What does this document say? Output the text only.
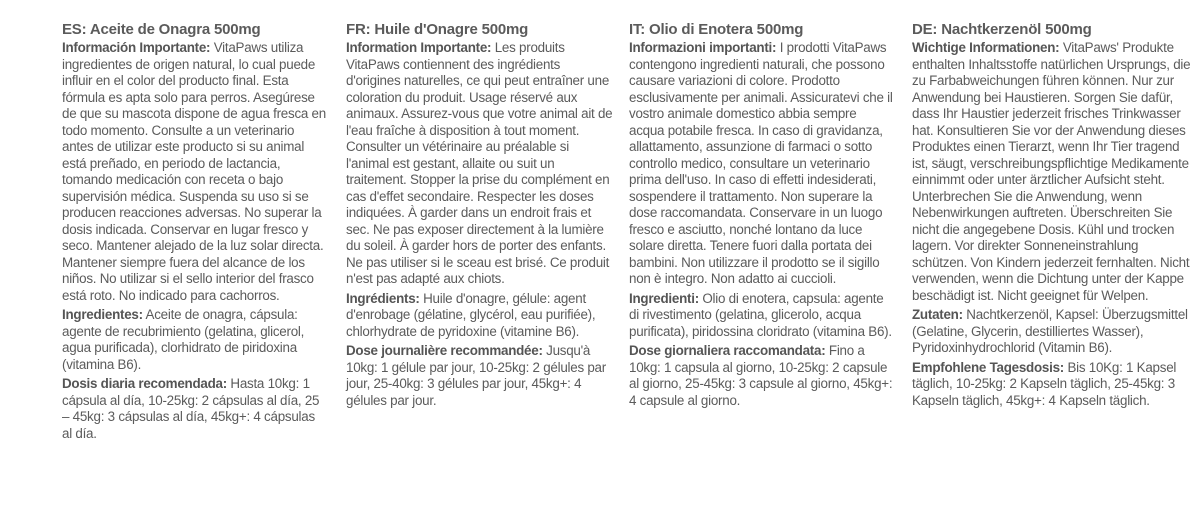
ES: Aceite de Onagra 500mg

Información Importante: VitaPaws utiliza ingredientes de origen natural, lo cual puede influir en el color del producto final. Esta fórmula es apta solo para perros. Asegúrese de que su mascota dispone de agua fresca en todo momento. Consulte a un veterinario antes de utilizar este producto si su animal está preñado, en periodo de lactancia, tomando medicación con receta o bajo supervisión médica. Suspenda su uso si se producen reacciones adversas. No superar la dosis indicada. Conservar en lugar fresco y seco. Mantener alejado de la luz solar directa. Mantener siempre fuera del alcance de los niños. No utilizar si el sello interior del frasco está roto. No indicado para cachorros.

Ingredientes: Aceite de onagra, cápsula: agente de recubrimiento (gelatina, glicerol, agua purificada), clorhidrato de piridoxina (vitamina B6).

Dosis diaria recomendada: Hasta 10kg: 1 cápsula al día, 10-25kg: 2 cápsulas al día, 25 – 45kg: 3 cápsulas al día, 45kg+: 4 cápsulas al día.

FR: Huile d'Onagre 500mg

Information Importante: Les produits VitaPaws contiennent des ingrédients d'origines naturelles, ce qui peut entraîner une coloration du produit. Usage réservé aux animaux. Assurez-vous que votre animal ait de l'eau fraîche à disposition à tout moment. Consulter un vétérinaire au préalable si l'animal est gestant, allaite ou suit un traitement. Stopper la prise du complément en cas d'effet secondaire. Respecter les doses indiquées. À garder dans un endroit frais et sec. Ne pas exposer directement à la lumière du soleil. À garder hors de porter des enfants. Ne pas utiliser si le sceau est brisé. Ce produit n'est pas adapté aux chiots.

Ingrédients: Huile d'onagre, gélule: agent d'enrobage (gélatine, glycérol, eau purifiée), chlorhydrate de pyridoxine (vitamine B6).

Dose journalière recommandée: Jusqu'à 10kg: 1 gélule par jour, 10-25kg: 2 gélules par jour, 25-40kg: 3 gélules par jour, 45kg+: 4 gélules par jour.

IT: Olio di Enotera 500mg

Informazioni importanti: I prodotti VitaPaws contengono ingredienti naturali, che possono causare variazioni di colore. Prodotto esclusivamente per animali. Assicuratevi che il vostro animale domestico abbia sempre acqua potabile fresca. In caso di gravidanza, allattamento, assunzione di farmaci o sotto controllo medico, consultare un veterinario prima dell'uso. In caso di effetti indesiderati, sospendere il trattamento. Non superare la dose raccomandata. Conservare in un luogo fresco e asciutto, nonché lontano da luce solare diretta. Tenere fuori dalla portata dei bambini. Non utilizzare il prodotto se il sigillo non è integro. Non adatto ai cuccioli.

Ingredienti: Olio di enotera, capsula: agente di rivestimento (gelatina, glicerolo, acqua purificata), piridossina cloridrato (vitamina B6).

Dose giornaliera raccomandata: Fino a 10kg: 1 capsula al giorno, 10-25kg: 2 capsule al giorno, 25-45kg: 3 capsule al giorno, 45kg+: 4 capsule al giorno.

DE: Nachtkerzenöl 500mg

Wichtige Informationen: VitaPaws' Produkte enthalten Inhaltsstoffe natürlichen Ursprungs, die zu Farbabweichungen führen können. Nur zur Anwendung bei Haustieren. Sorgen Sie dafür, dass Ihr Haustier jederzeit frisches Trinkwasser hat. Konsultieren Sie vor der Anwendung dieses Produktes einen Tierarzt, wenn Ihr Tier tragend ist, säugt, verschreibungspflichtige Medikamente einnimmt oder unter ärztlicher Aufsicht steht. Unterbrechen Sie die Anwendung, wenn Nebenwirkungen auftreten. Überschreiten Sie nicht die angegebene Dosis. Kühl und trocken lagern. Vor direkter Sonneneinstrahlung schützen. Von Kindern jederzeit fernhalten. Nicht verwenden, wenn die Dichtung unter der Kappe beschädigt ist. Nicht geeignet für Welpen.

Zutaten: Nachtkerzenöl, Kapsel: Überzugsmittel (Gelatine, Glycerin, destilliertes Wasser), Pyridoxinhydrochlorid (Vitamin B6).

Empfohlene Tagesdosis: Bis 10Kg: 1 Kapsel täglich, 10-25kg: 2 Kapseln täglich, 25-45kg: 3 Kapseln täglich, 45kg+: 4 Kapseln täglich.
